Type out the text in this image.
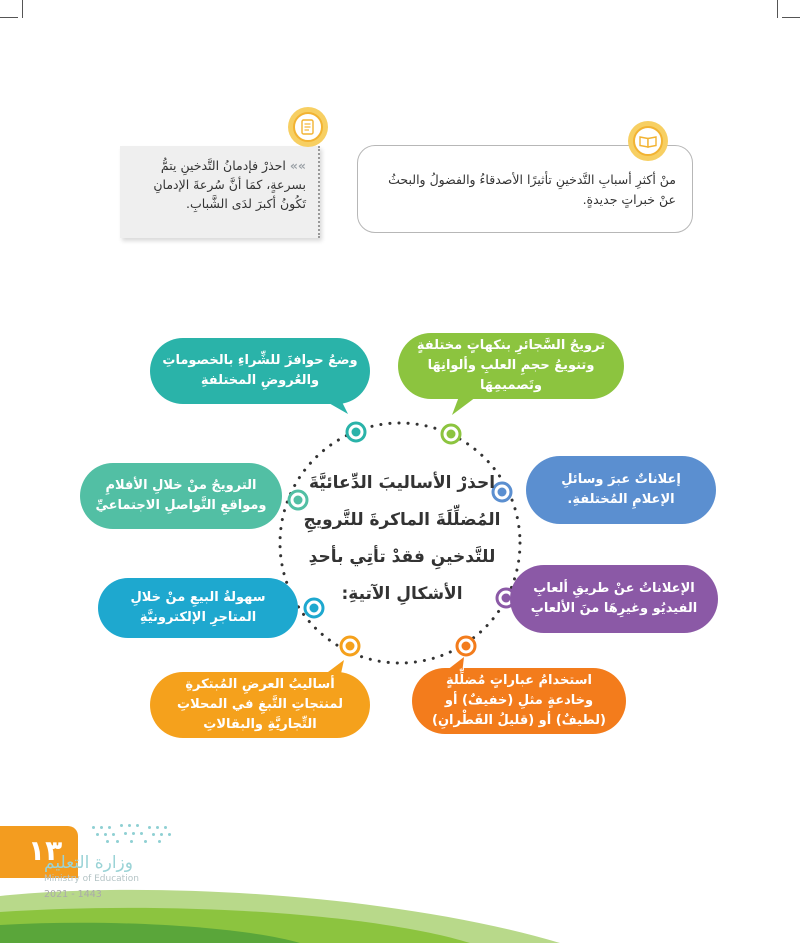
منْ أكثرِ أسبابِ التَّدخينِ تأثيرًا الأصدقاءُ والفضولُ والبحثُ عنْ خبراتٍ جديدةٍ.
»» احذرْ فإدمانُ التَّدخينِ يتمُّ بسرعةٍ، كمَا أنَّ سُرعةَ الإدمانِ تَكُونُ أكبرَ لدَى الشَّبابِ.
ترويجُ السَّجائرِ بنكهاتٍ مختلفةٍ وتنويعُ حجمِ العلبِ وألوانِهَا وتَصميمِهَا
وضعُ حوافزَ للشِّراءِ بالخصوماتِ والعُروضِ المختلفةِ
الترويجُ منْ خلالِ الأفلامِ ومواقعِ التَّواصلِ الاجتماعيِّ
سهولةُ البيعِ منْ خلالِ المتاجرِ الإلكترونيَّةِ
أساليبُ العرضِ المُبتكرةِ لمنتجاتِ التَّبغِ في المحلاتِ التِّجاريَّةِ والبقالاتِ
استخدامُ عباراتٍ مُضلِّلةٍ وخادعةٍ مثلِ (خفيفٌ) أو (لطيفٌ) أو (قليلُ القَطْرانِ)
الإعلاناتُ عنْ طريقِ ألعابِ الفيديُو وغيرِهَا منَ الألعابِ
إعلاناتٌ عبرَ وسائلِ الإعلامِ المُختلفةِ.
احذرْ الأساليبَ الدِّعائيَّةَ المُضلِّلَةَ الماكرةَ للتَّرويجِ للتَّدخينِ فقدْ تأتِي بأحدِ الأشكالِ الآتيةِ:
١٣
وزارة التعليم
Ministry of Education
2021 - 1443
